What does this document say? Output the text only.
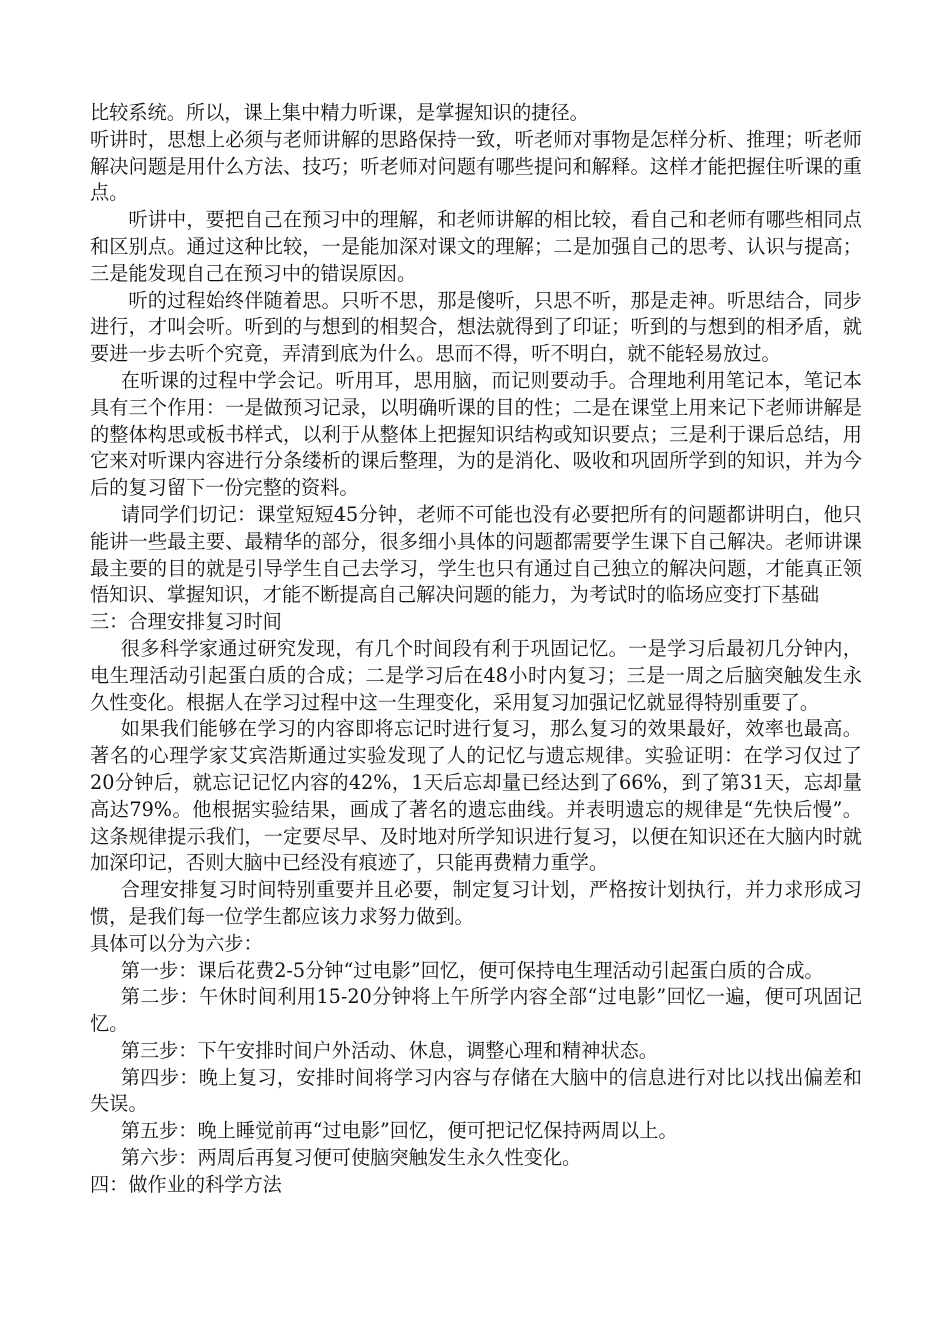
比较系统。所以，课上集中精力听课，是掌握知识的捷径。

听讲时，思想上必须与老师讲解的思路保持一致，听老师对事物是怎样分析、推理；听老师解决问题是用什么方法、技巧；听老师对问题有哪些提问和解释。这样才能把握住听课的重点。

听讲中，要把自己在预习中的理解，和老师讲解的相比较，看自己和老师有哪些相同点和区别点。通过这种比较，一是能加深对课文的理解；二是加强自己的思考、认识与提高；三是能发现自己在预习中的错误原因。

听的过程始终伴随着思。只听不思，那是傻听，只思不听，那是走神。听思结合，同步进行，才叫会听。听到的与想到的相契合，想法就得到了印证；听到的与想到的相矛盾，就要进一步去听个究竟，弄清到底为什么。思而不得，听不明白，就不能轻易放过。

在听课的过程中学会记。听用耳，思用脑，而记则要动手。合理地利用笔记本，笔记本具有三个作用：一是做预习记录，以明确听课的目的性；二是在课堂上用来记下老师讲解是的整体构思或板书样式，以利于从整体上把握知识结构或知识要点；三是利于课后总结，用它来对听课内容进行分条缕析的课后整理，为的是消化、吸收和巩固所学到的知识，并为今后的复习留下一份完整的资料。

请同学们切记：课堂短短45分钟，老师不可能也没有必要把所有的问题都讲明白，他只能讲一些最主要、最精华的部分，很多细小具体的问题都需要学生课下自己解决。老师讲课最主要的目的就是引导学生自己去学习，学生也只有通过自己独立的解决问题，才能真正领悟知识、掌握知识，才能不断提高自己解决问题的能力，为考试时的临场应变打下基础

三：合理安排复习时间

很多科学家通过研究发现，有几个时间段有利于巩固记忆。一是学习后最初几分钟内，电生理活动引起蛋白质的合成；二是学习后在48小时内复习；三是一周之后脑突触发生永久性变化。根据人在学习过程中这一生理变化，采用复习加强记忆就显得特别重要了。

如果我们能够在学习的内容即将忘记时进行复习，那么复习的效果最好，效率也最高。著名的心理学家艾宾浩斯通过实验发现了人的记忆与遗忘规律。实验证明：在学习仅过了20分钟后，就忘记记忆内容的42%，1天后忘却量已经达到了66%，到了第31天，忘却量高达79%。他根据实验结果，画成了著名的遗忘曲线。并表明遗忘的规律是“先快后慢”。这条规律提示我们，一定要尽早、及时地对所学知识进行复习，以便在知识还在大脑内时就加深印记，否则大脑中已经没有痕迹了，只能再费精力重学。

合理安排复习时间特别重要并且必要，制定复习计划，严格按计划执行，并力求形成习惯，是我们每一位学生都应该力求努力做到。

具体可以分为六步：

第一步：课后花费2-5分钟“过电影”回忆，便可保持电生理活动引起蛋白质的合成。

第二步：午休时间利用15-20分钟将上午所学内容全部“过电影”回忆一遍，便可巩固记忆。

第三步：下午安排时间户外活动、休息，调整心理和精神状态。

第四步：晚上复习，安排时间将学习内容与存储在大脑中的信息进行对比以找出偏差和失误。

第五步：晚上睡觉前再“过电影”回忆，便可把记忆保持两周以上。

第六步：两周后再复习便可使脑突触发生永久性变化。

四：做作业的科学方法
